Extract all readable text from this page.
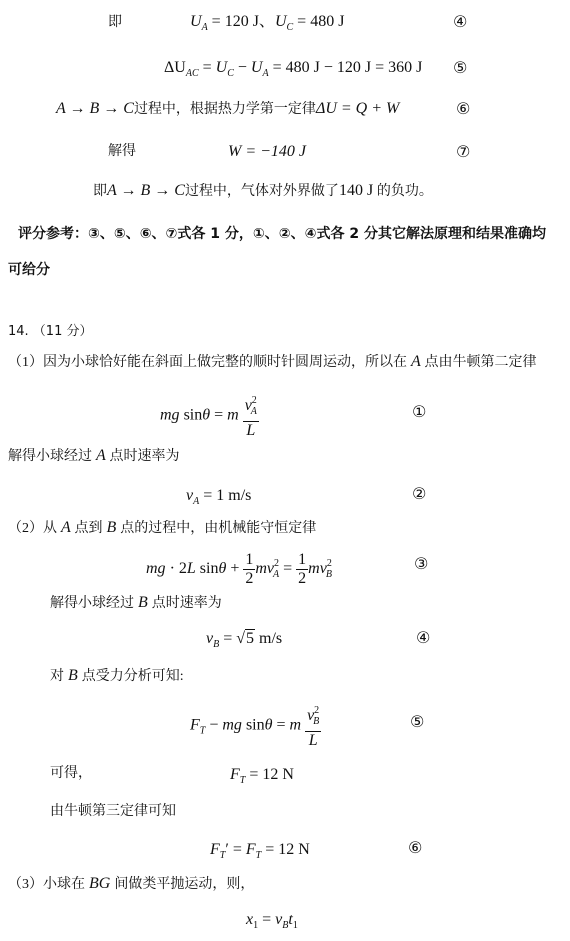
即	$U_A = 120$ J、$U_C = 480$ J	④
$\Delta U_{AC} = U_C - U_A = 480$ J − 120 J = 360 J ⑤
A → B → C过程中，根据热力学第一定律ΔU = Q + W	⑥
解得	W = −140 J	⑦
即A → B → C过程中，气体对外界做了140 J 的负功。
评分参考：③、⑤、⑥、⑦式各 1 分，①、②、④式各 2 分其它解法原理和结果准确均
可给分
14. （11 分）
（1）因为小球恰好能在斜面上做完整的顺时针圆周运动，所以在 A 点由牛顿第二定律
mg sinθ = m $\frac{v^2_A}{L}$	①
解得小球经过 A 点时速率为
$v_A = 1$ m/s	②
（2）从 A 点到 B 点的过程中，由机械能守恒定律
mg · 2L $\sin\theta + \frac{1}{2} mv^2_A = \frac{1}{2} mv^2_B$
③
解得小球经过 B 点时速率为
$v_B = √5$ m/s	④
对 B 点受力分析可知:
$F_T$ − mg sinθ = m $\frac{v^2_B}{L}$	⑤
可得，	$F_T = 12$ N
由牛顿第三定律可知
$F_T' = F_T = 12$ N	⑥
（3）小球在 BG 间做类平抛运动，则，
$x_1 = v_Bt_1$
